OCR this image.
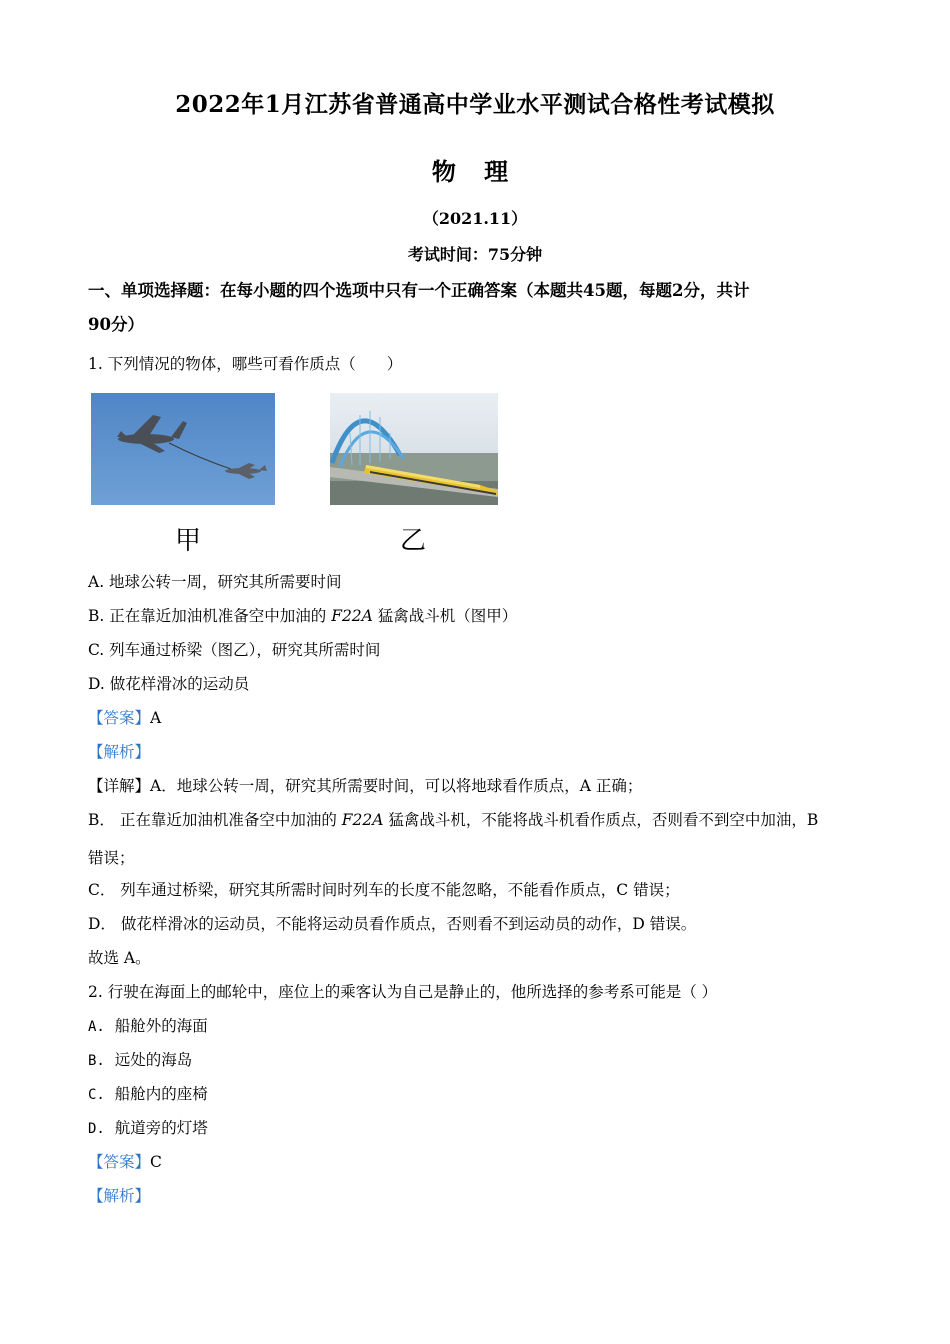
2022年1月江苏省普通高中学业水平测试合格性考试模拟
物 理
（2021.11）
考试时间：75分钟
一、单项选择题：在每小题的四个选项中只有一个正确答案（本题共45题，每题2分，共计
90分）
1. 下列情况的物体，哪些可看作质点（　　）
甲	乙
A. 地球公转一周，研究其所需要时间
B. 正在靠近加油机准备空中加油的 F22A 猛禽战斗机（图甲）
C. 列车通过桥梁（图乙），研究其所需时间
D. 做花样滑冰的运动员
【答案】A
【解析】
【详解】A．地球公转一周，研究其所需要时间，可以将地球看作质点，A 正确；
B． 正在靠近加油机准备空中加油的 F22A 猛禽战斗机，不能将战斗机看作质点，否则看不到空中加油，B
错误；
C． 列车通过桥梁，研究其所需时间时列车的长度不能忽略，不能看作质点，C 错误；
D． 做花样滑冰的运动员，不能将运动员看作质点，否则看不到运动员的动作，D 错误。
故选 A。
2. 行驶在海面上的邮轮中，座位上的乘客认为自己是静止的，他所选择的参考系可能是（ ）
A. 船舱外的海面
B. 远处的海岛
C. 船舱内的座椅
D. 航道旁的灯塔
【答案】C
【解析】
